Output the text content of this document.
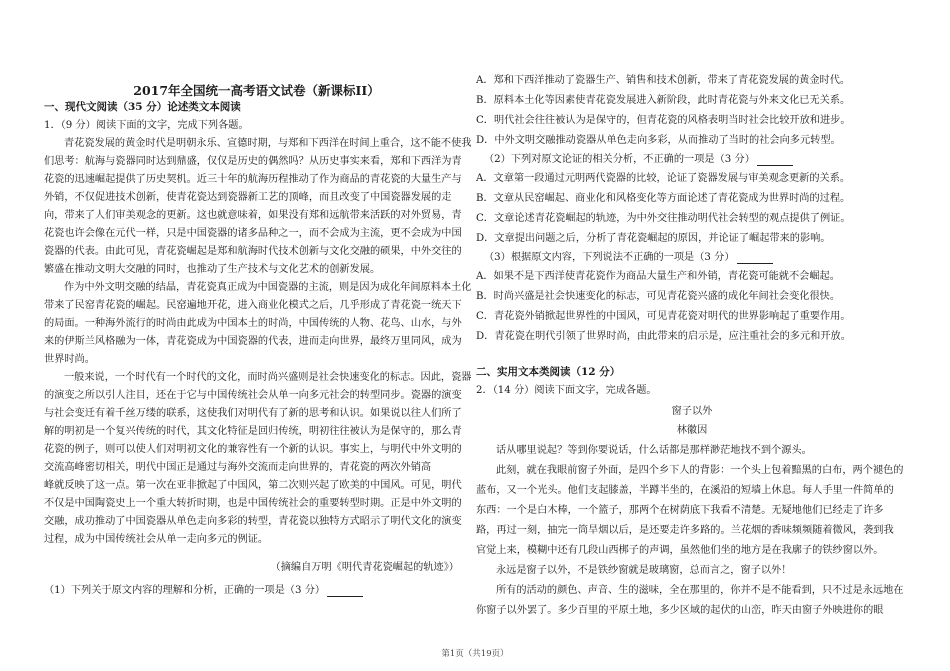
2017年全国统一高考语文试卷（新课标II）
一、现代文阅读（35 分）论述类文本阅读
1．（9 分）阅读下面的文字，完成下列各题。
青花瓷发展的黄金时代是明朝永乐、宣德时期，与郑和下西洋在时间上重合，这不能不使我
们思考：航海与瓷器同时达到鼎盛，仅仅是历史的偶然吗？从历史事实来看，郑和下西洋为青
花瓷的迅速崛起提供了历史契机。近三十年的航海历程推动了作为商品的青花瓷的大量生产与
外销，不仅促进技术创新，使青花瓷达到瓷器新工艺的顶峰，而且改变了中国瓷器发展的走
向，带来了人们审美观念的更新。这也就意味着，如果没有郑和远航带来活跃的对外贸易，青
花瓷也许会像在元代一样，只是中国瓷器的诸多品种之一，而不会成为主流，更不会成为中国
瓷器的代表。由此可见，青花瓷崛起是郑和航海时代技术创新与文化交融的硕果，中外交往的
繁盛在推动文明大交融的同时，也推动了生产技术与文化艺术的创新发展。
作为中外文明交融的结晶，青花瓷真正成为中国瓷器的主流，则是因为成化年间原料本土化
带来了民窑青花瓷的崛起。民窑遍地开花，进入商业化模式之后，几乎形成了青花瓷一统天下
的局面。一种海外流行的时尚由此成为中国本土的时尚，中国传统的人物、花鸟、山水，与外
来的伊斯兰风格融为一体，青花瓷成为中国瓷器的代表，进而走向世界，最终万里同风，成为
世界时尚。
一般来说，一个时代有一个时代的文化，而时尚兴盛则是社会快速变化的标志。因此，瓷器
的演变之所以引人注目，还在于它与中国传统社会从单一向多元社会的转型同步。瓷器的演变
与社会变迁有着千丝万缕的联系，这使我们对明代有了新的思考和认识。如果说以往人们所了
解的明初是一个复兴传统的时代，其文化特征是回归传统，明初往往被认为是保守的，那么青
花瓷的例子，则可以使人们对明初文化的兼容性有一个新的认识。事实上，与明代中外文明的
交流高峰密切相关，明代中国正是通过与海外交流而走向世界的，青花瓷的两次外销高
峰就反映了这一点。第一次在亚非掀起了中国风，第二次则兴起了欧美的中国风。可见，明代
不仅是中国陶瓷史上一个重大转折时期，也是中国传统社会的重要转型时期。正是中外文明的
交融，成功推动了中国瓷器从单色走向多彩的转型，青花瓷以独特方式昭示了明代文化的演变
过程，成为中国传统社会从单一走向多元的例证。
（摘编自万明《明代青花瓷崛起的轨迹》）
（1）下列关于原文内容的理解和分析，正确的一项是（3 分）
A．郑和下西洋推动了瓷器生产、销售和技术创新，带来了青花瓷发展的黄金时代。
B．原料本土化等因素使青花瓷发展进入新阶段，此时青花瓷与外来文化已无关系。
C．明代社会往往被认为是保守的，但青花瓷的风格表明当时社会比较开放和进步。
D．中外文明交融推动瓷器从单色走向多彩，从而推动了当时的社会向多元转型。
（2）下列对原文论证的相关分析，不正确的一项是（3 分）
A．文章第一段通过元明两代瓷器的比较，论证了瓷器发展与审美观念更新的关系。
B．文章从民窑崛起、商业化和风格变化等方面论述了青花瓷成为世界时尚的过程。
C．文章论述青花瓷崛起的轨迹，为中外交往推动明代社会转型的观点提供了例证。
D．文章提出问题之后，分析了青花瓷崛起的原因，并论证了崛起带来的影响。
（3）根据原文内容，下列说法不正确的一项是（3 分）
A．如果不是下西洋使青花瓷作为商品大量生产和外销，青花瓷可能就不会崛起。
B．时尚兴盛是社会快速变化的标志，可见青花瓷兴盛的成化年间社会变化很快。
C．青花瓷外销掀起世界性的中国风，可见青花瓷对明代的世界影响起了重要作用。
D．青花瓷在明代引领了世界时尚，由此带来的启示是，应注重社会的多元和开放。
二、实用文本类阅读（12 分）
2．（14 分）阅读下面文字，完成各题。
窗子以外
林徽因
话从哪里说起？等到你要说话，什么话都是那样渺茫地找不到个源头。
此刻，就在我眼前窗子外面，是四个乡下人的背影：一个头上包着黯黑的白布，两个褪色的
蓝布，又一个光头。他们支起膝盖，半蹲半坐的，在溪沿的短墙上休息。每人手里一件简单的
东西：一个是白木棒，一个篮子，那两个在树荫底下我看不清楚。无疑地他们已经走了许多
路，再过一刻，抽完一筒旱烟以后，是还要走许多路的。兰花烟的香味频频随着微风，袭到我
官觉上来，模糊中还有几段山西梆子的声调，虽然他们坐的地方是在我廓子的铁纱窗以外。
永远是窗子以外，不是铁纱窗就是玻璃窗，总而言之，窗子以外！
所有的活动的颜色、声音、生的滋味，全在那里的，你并不是不能看到，只不过是永远地在
你窗子以外罢了。多少百里的平原土地，多少区域的起伏的山峦，昨天由窗子外映进你的眼
第1页（共19页）
